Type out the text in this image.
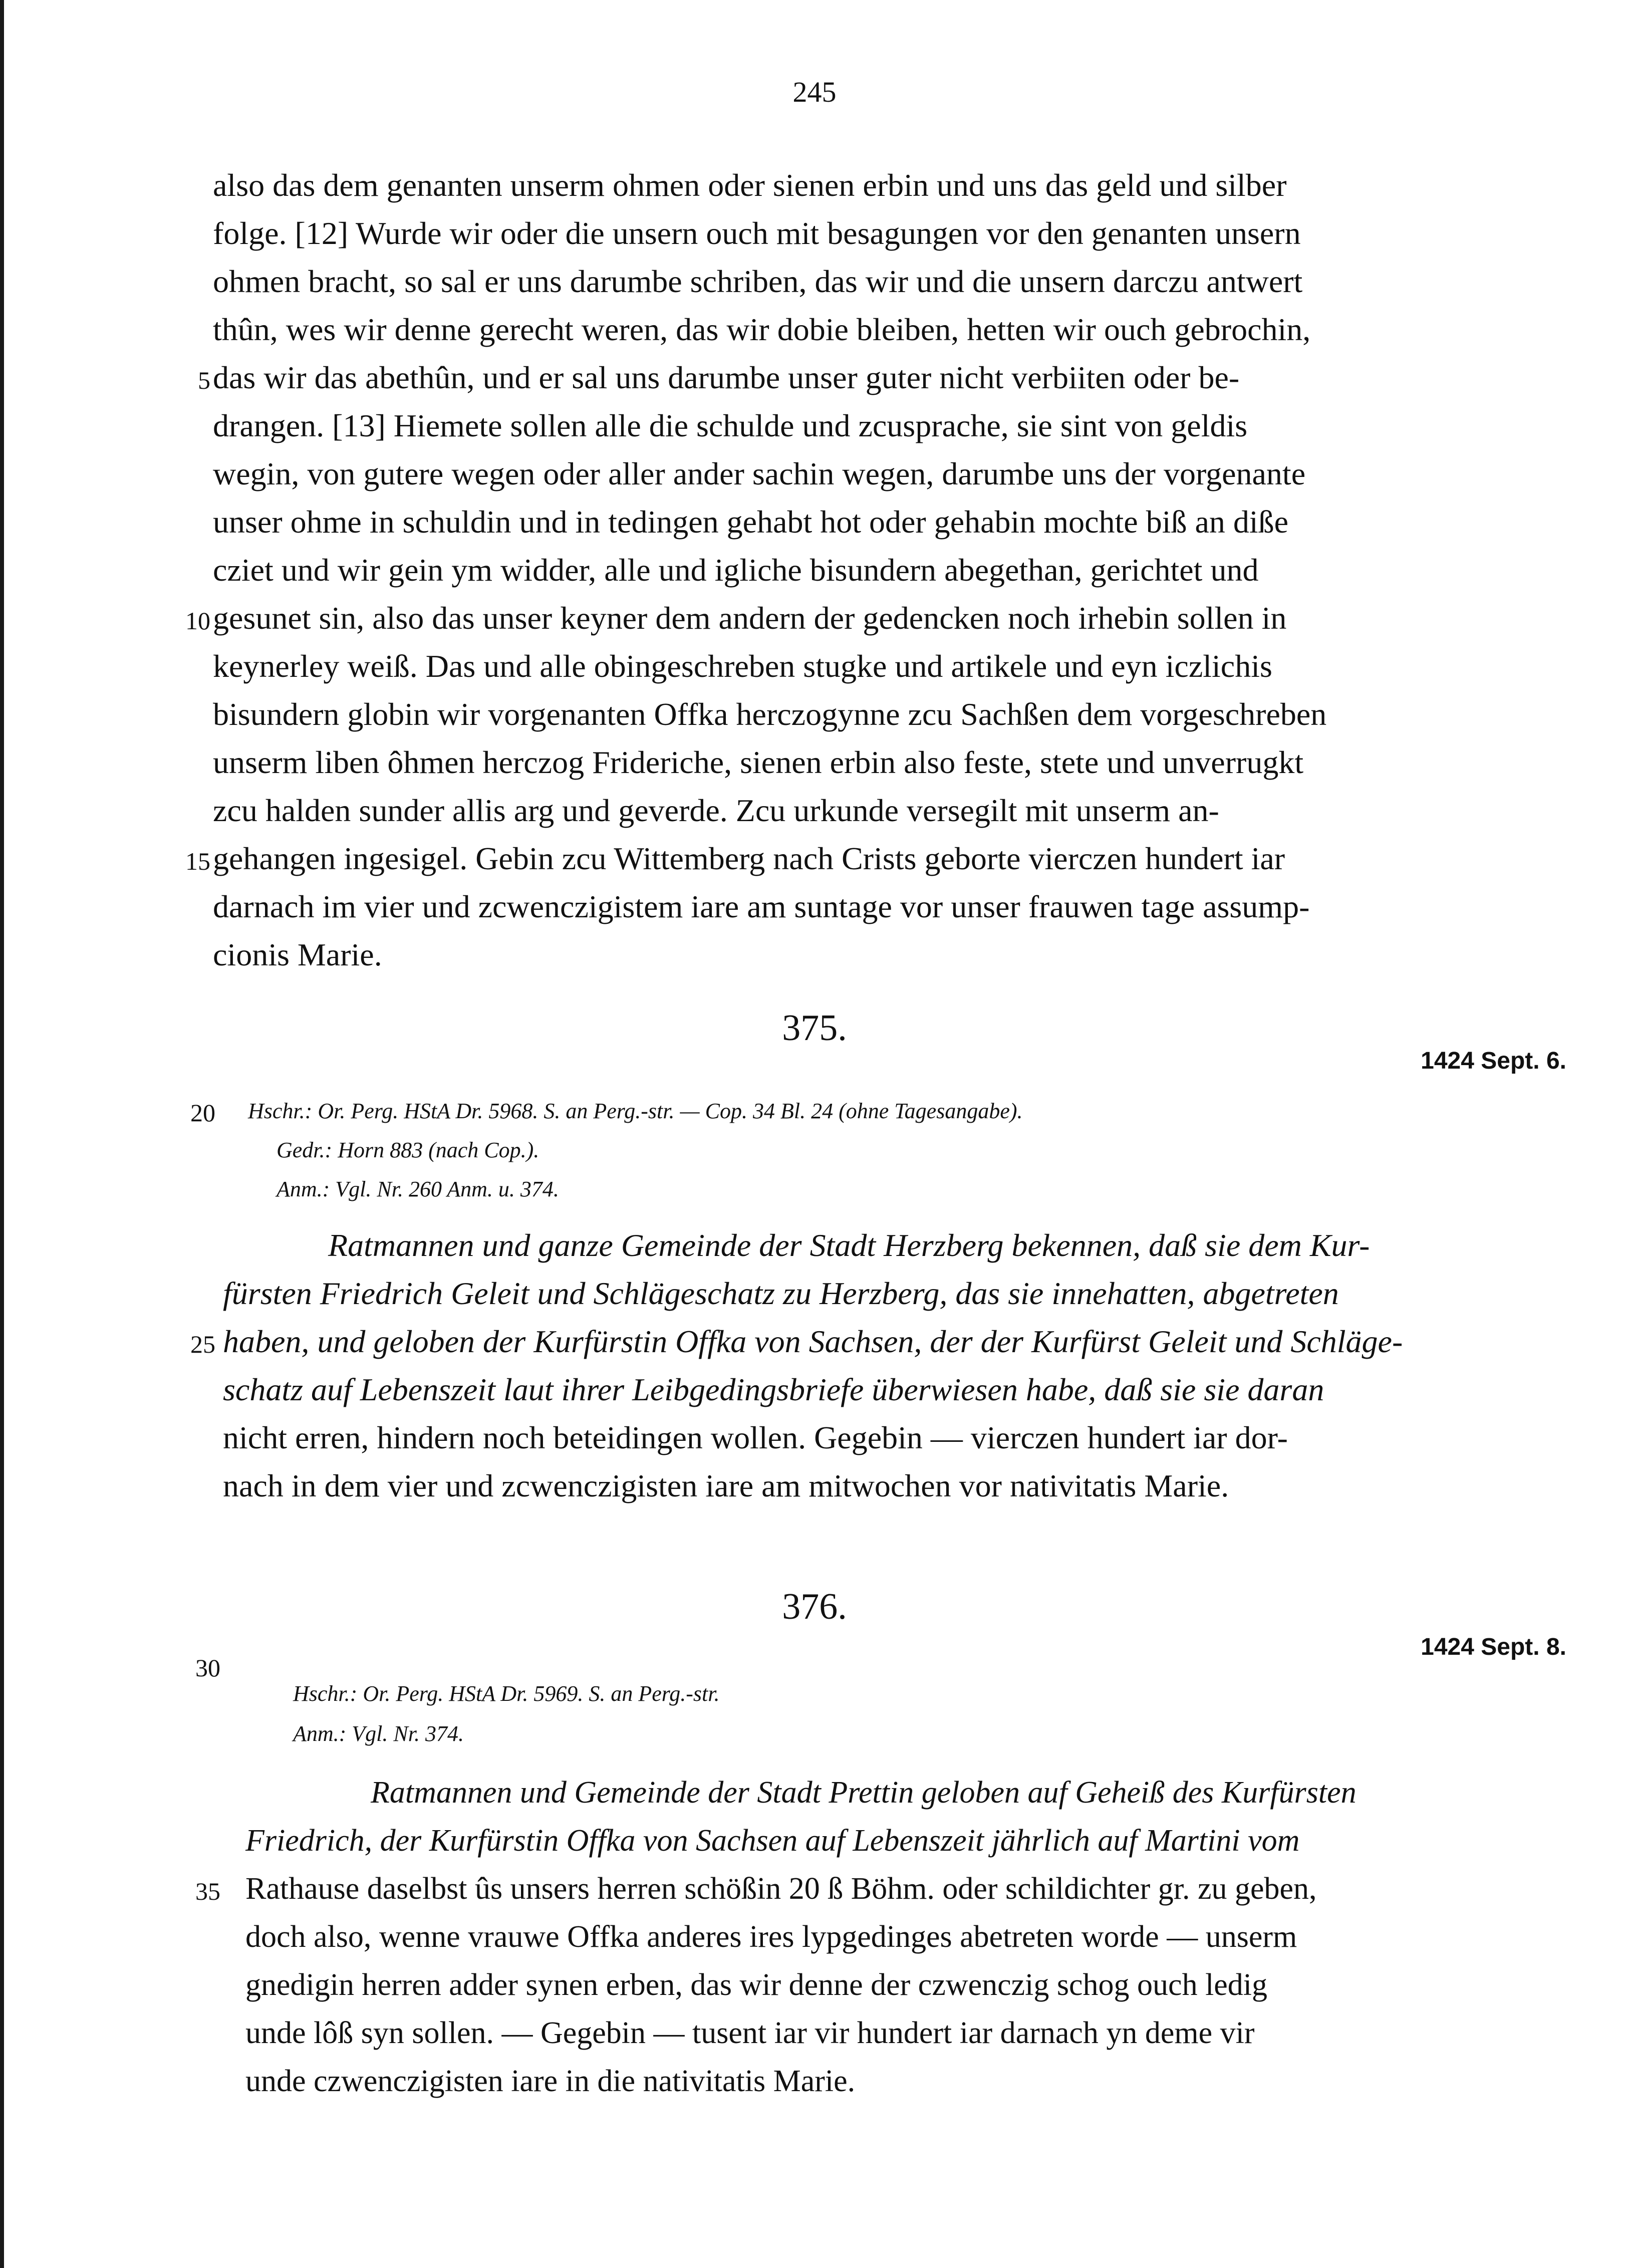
245
also das dem genanten unserm ohmen oder sienen erbin und uns das geld und silber
folge. [12] Wurde wir oder die unsern ouch mit besagungen vor den genanten unsern
ohmen bracht, so sal er uns darumbe schriben, das wir und die unsern darczu antwert
thûn, wes wir denne gerecht weren, das wir dobie bleiben, hetten wir ouch gebrochin,
das wir das abethûn, und er sal uns darumbe unser guter nicht verbiiten oder be-
drangen. [13] Hiemete sollen alle die schulde und zcusprache, sie sint von geldis
wegin, von gutere wegen oder aller ander sachin wegen, darumbe uns der vorgenante
unser ohme in schuldin und in tedingen gehabt hot oder gehabin mochte biß an diße
cziet und wir gein ym widder, alle und igliche bisundern abegethan, gerichtet und
gesunet sin, also das unser keyner dem andern der gedencken noch irhebin sollen in
keynerley weiß. Das und alle obingeschreben stugke und artikele und eyn iczlichis
bisundern globin wir vorgenanten Offka herczogynne zcu Sachßen dem vorgeschreben
unserm liben ôhmen herczog Frideriche, sienen erbin also feste, stete und unverrugkt
zcu halden sunder allis arg und geverde. Zcu urkunde versegilt mit unserm an-
gehangen ingesigel. Gebin zcu Wittemberg nach Crists geborte vierczen hundert iar
darnach im vier und zcwenczigistem iare am suntage vor unser frauwen tage assump-
cionis Marie.
5
10
15
375.
1424 Sept. 6.
20 Hschr.: Or. Perg. HStA Dr. 5968. S. an Perg.-str. — Cop. 34 Bl. 24 (ohne Tagesangabe).
Gedr.: Horn 883 (nach Cop.).
Anm.: Vgl. Nr. 260 Anm. u. 374.
Ratmannen und ganze Gemeinde der Stadt Herzberg bekennen, daß sie dem Kur-
fürsten Friedrich Geleit und Schlägeschatz zu Herzberg, das sie innehatten, abgetreten
haben, und geloben der Kurfürstin Offka von Sachsen, der der Kurfürst Geleit und Schläge-
schatz auf Lebenszeit laut ihrer Leibgedingsbriefe überwiesen habe, daß sie sie daran
nicht erren, hindern noch beteidingen wollen. Gegebin — vierczen hundert iar dor-
nach in dem vier und zcwenczigisten iare am mitwochen vor nativitatis Marie.
25
376.
1424 Sept. 8.
30
Hschr.: Or. Perg. HStA Dr. 5969. S. an Perg.-str.
Anm.: Vgl. Nr. 374.
Ratmannen und Gemeinde der Stadt Prettin geloben auf Geheiß des Kurfürsten
Friedrich, der Kurfürstin Offka von Sachsen auf Lebenszeit jährlich auf Martini vom
Rathause daselbst ûs unsers herren schößin 20 ß Böhm. oder schildichter gr. zu geben,
doch also, wenne vrauwe Offka anderes ires lypgedinges abetreten worde — unserm
gnedigin herren adder synen erben, das wir denne der czwenczig schog ouch ledig
unde lôß syn sollen. — Gegebin — tusent iar vir hundert iar darnach yn deme vir
unde czwenczigisten iare in die nativitatis Marie.
35
